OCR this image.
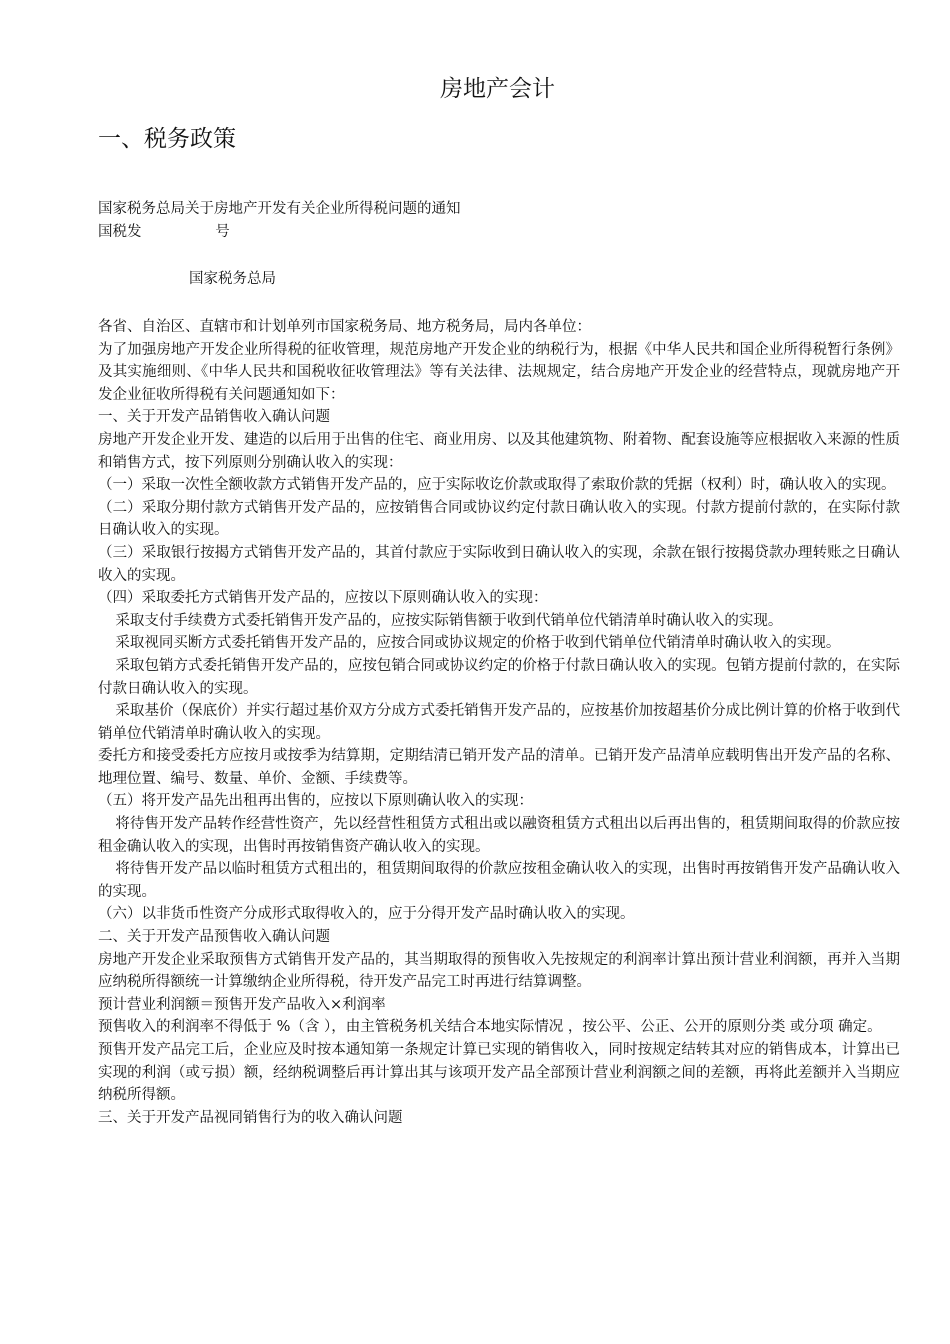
房地产会计
一、税务政策

国家税务总局关于房地产开发有关企业所得税问题的通知

国税发                号

国家税务总局

各省、自治区、直辖市和计划单列市国家税务局、地方税务局，局内各单位：

为了加强房地产开发企业所得税的征收管理，规范房地产开发企业的纳税行为，根据《中华人民共和国企业所得税暂行条例》及其实施细则、《中华人民共和国税收征收管理法》等有关法律、法规规定，结合房地产开发企业的经营特点，现就房地产开发企业征收所得税有关问题通知如下：

一、关于开发产品销售收入确认问题

房地产开发企业开发、建造的以后用于出售的住宅、商业用房、以及其他建筑物、附着物、配套设施等应根据收入来源的性质和销售方式，按下列原则分别确认收入的实现：

（一）采取一次性全额收款方式销售开发产品的，应于实际收讫价款或取得了索取价款的凭据（权利）时，确认收入的实现。

（二）采取分期付款方式销售开发产品的，应按销售合同或协议约定付款日确认收入的实现。付款方提前付款的，在实际付款日确认收入的实现。

（三）采取银行按揭方式销售开发产品的，其首付款应于实际收到日确认收入的实现，余款在银行按揭贷款办理转账之日确认收入的实现。

（四）采取委托方式销售开发产品的，应按以下原则确认收入的实现：

采取支付手续费方式委托销售开发产品的，应按实际销售额于收到代销单位代销清单时确认收入的实现。

采取视同买断方式委托销售开发产品的，应按合同或协议规定的价格于收到代销单位代销清单时确认收入的实现。

采取包销方式委托销售开发产品的，应按包销合同或协议约定的价格于付款日确认收入的实现。包销方提前付款的，在实际付款日确认收入的实现。

采取基价（保底价）并实行超过基价双方分成方式委托销售开发产品的，应按基价加按超基价分成比例计算的价格于收到代销单位代销清单时确认收入的实现。

委托方和接受委托方应按月或按季为结算期，定期结清已销开发产品的清单。已销开发产品清单应载明售出开发产品的名称、地理位置、编号、数量、单价、金额、手续费等。

（五）将开发产品先出租再出售的，应按以下原则确认收入的实现：

将待售开发产品转作经营性资产，先以经营性租赁方式租出或以融资租赁方式租出以后再出售的，租赁期间取得的价款应按租金确认收入的实现，出售时再按销售资产确认收入的实现。

将待售开发产品以临时租赁方式租出的，租赁期间取得的价款应按租金确认收入的实现，出售时再按销售开发产品确认收入的实现。

（六）以非货币性资产分成形式取得收入的，应于分得开发产品时确认收入的实现。

二、关于开发产品预售收入确认问题

房地产开发企业采取预售方式销售开发产品的，其当期取得的预售收入先按规定的利润率计算出预计营业利润额，再并入当期应纳税所得额统一计算缴纳企业所得税，待开发产品完工时再进行结算调整。

预计营业利润额＝预售开发产品收入×利润率

预售收入的利润率不得低于 %（含 ），由主管税务机关结合本地实际情况 ，按公平、公正、公开的原则分类 或分项 确定。

预售开发产品完工后，企业应及时按本通知第一条规定计算已实现的销售收入，同时按规定结转其对应的销售成本，计算出已实现的利润（或亏损）额，经纳税调整后再计算出其与该项开发产品全部预计营业利润额之间的差额，再将此差额并入当期应纳税所得额。

三、关于开发产品视同销售行为的收入确认问题
